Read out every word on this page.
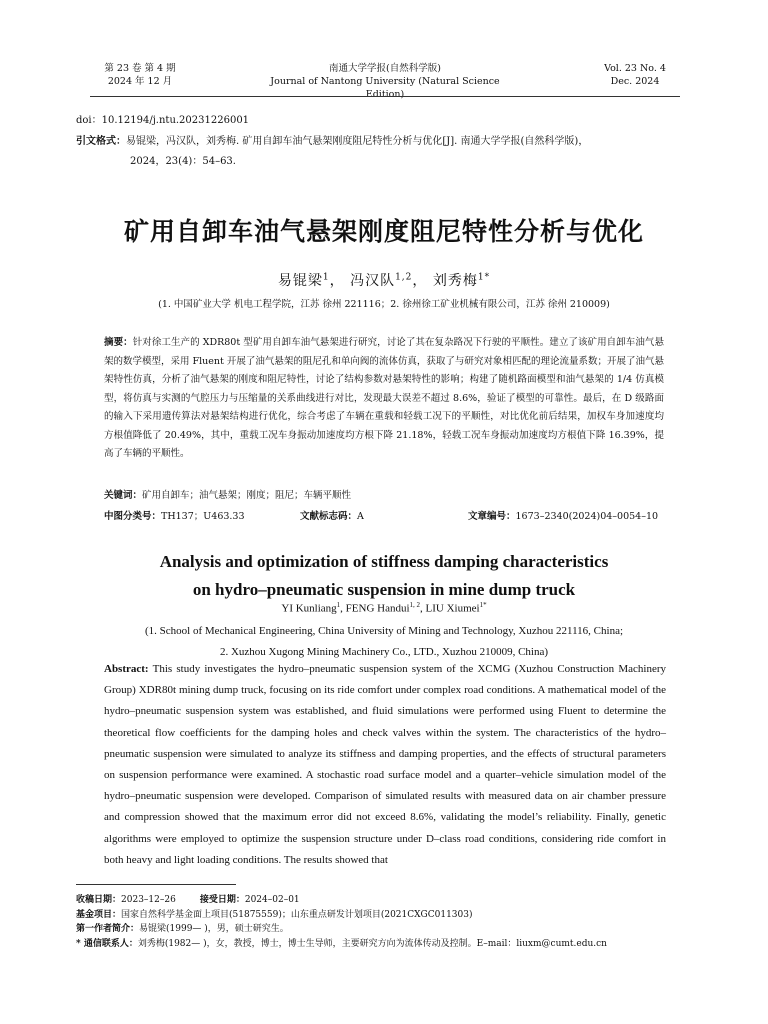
第 23 卷 第 4 期
2024 年 12 月
南通大学学报(自然科学版)
Journal of Nantong University (Natural Science Edition)
Vol. 23 No. 4
Dec. 2024
doi：10.12194/j.ntu.20231226001
引文格式：易锟梁，冯汉队，刘秀梅. 矿用自卸车油气悬架刚度阻尼特性分析与优化[J]. 南通大学学报(自然科学版)，
2024，23(4)：54–63.
矿用自卸车油气悬架刚度阻尼特性分析与优化
易锟梁$^1$， 冯汉队$^{1,2}$， 刘秀梅$^{1*}$
(1. 中国矿业大学 机电工程学院，江苏 徐州 221116；2. 徐州徐工矿业机械有限公司，江苏 徐州 210009)
摘要：针对徐工生产的 XDR80t 型矿用自卸车油气悬架进行研究，讨论了其在复杂路况下行驶的平顺性。建立了该矿用自卸车油气悬架的数学模型，采用 Fluent 开展了油气悬架的阻尼孔和单向阀的流体仿真，获取了与研究对象相匹配的理论流量系数；开展了油气悬架特性仿真，分析了油气悬架的刚度和阻尼特性，讨论了结构参数对悬架特性的影响；构建了随机路面模型和油气悬架的 1/4 仿真模型，将仿真与实测的气腔压力与压缩量的关系曲线进行对比，发现最大误差不超过 8.6%，验证了模型的可靠性。最后，在 D 级路面的输入下采用遗传算法对悬架结构进行优化，综合考虑了车辆在重载和轻载工况下的平顺性，对比优化前后结果，加权车身加速度均方根值降低了 20.49%，其中，重载工况车身振动加速度均方根下降 21.18%，轻载工况车身振动加速度均方根值下降 16.39%，提高了车辆的平顺性。
关键词：矿用自卸车；油气悬架；刚度；阻尼；车辆平顺性
中图分类号：TH137；U463.33	文献标志码：A	文章编号：1673–2340(2024)04–0054–10
Analysis and optimization of stiffness damping characteristics
on hydro–pneumatic suspension in mine dump truck
YI Kunliang$^1$, FENG Handui$^{1, 2}$, LIU Xiumei$^{1*}$
(1. School of Mechanical Engineering, China University of Mining and Technology, Xuzhou 221116, China;
2. Xuzhou Xugong Mining Machinery Co., LTD., Xuzhou 210009, China)
Abstract: This study investigates the hydro–pneumatic suspension system of the XCMG (Xuzhou Construction Machinery Group) XDR80t mining dump truck, focusing on its ride comfort under complex road conditions. A mathematical model of the hydro–pneumatic suspension system was established, and fluid simulations were performed using Fluent to determine the theoretical flow coefficients for the damping holes and check valves within the system. The characteristics of the hydro–pneumatic suspension were simulated to analyze its stiffness and damping properties, and the effects of structural parameters on suspension performance were examined. A stochastic road surface model and a quarter–vehicle simulation model of the hydro–pneumatic suspension were developed. Comparison of simulated results with measured data on air chamber pressure and compression showed that the maximum error did not exceed 8.6%, validating the model’s reliability. Finally, genetic algorithms were employed to optimize the suspension structure under D–class road conditions, considering ride comfort in both heavy and light loading conditions. The results showed that
收稿日期：2023–12–26	接受日期：2024–02–01
基金项目：国家自然科学基金面上项目(51875559)；山东重点研发计划项目(2021CXGC011303)
第一作者简介：易锟梁(1999— )，男，硕士研究生。
* 通信联系人：刘秀梅(1982— )，女，教授，博士，博士生导师，主要研究方向为流体传动及控制。E–mail：liuxm@cumt.edu.cn
